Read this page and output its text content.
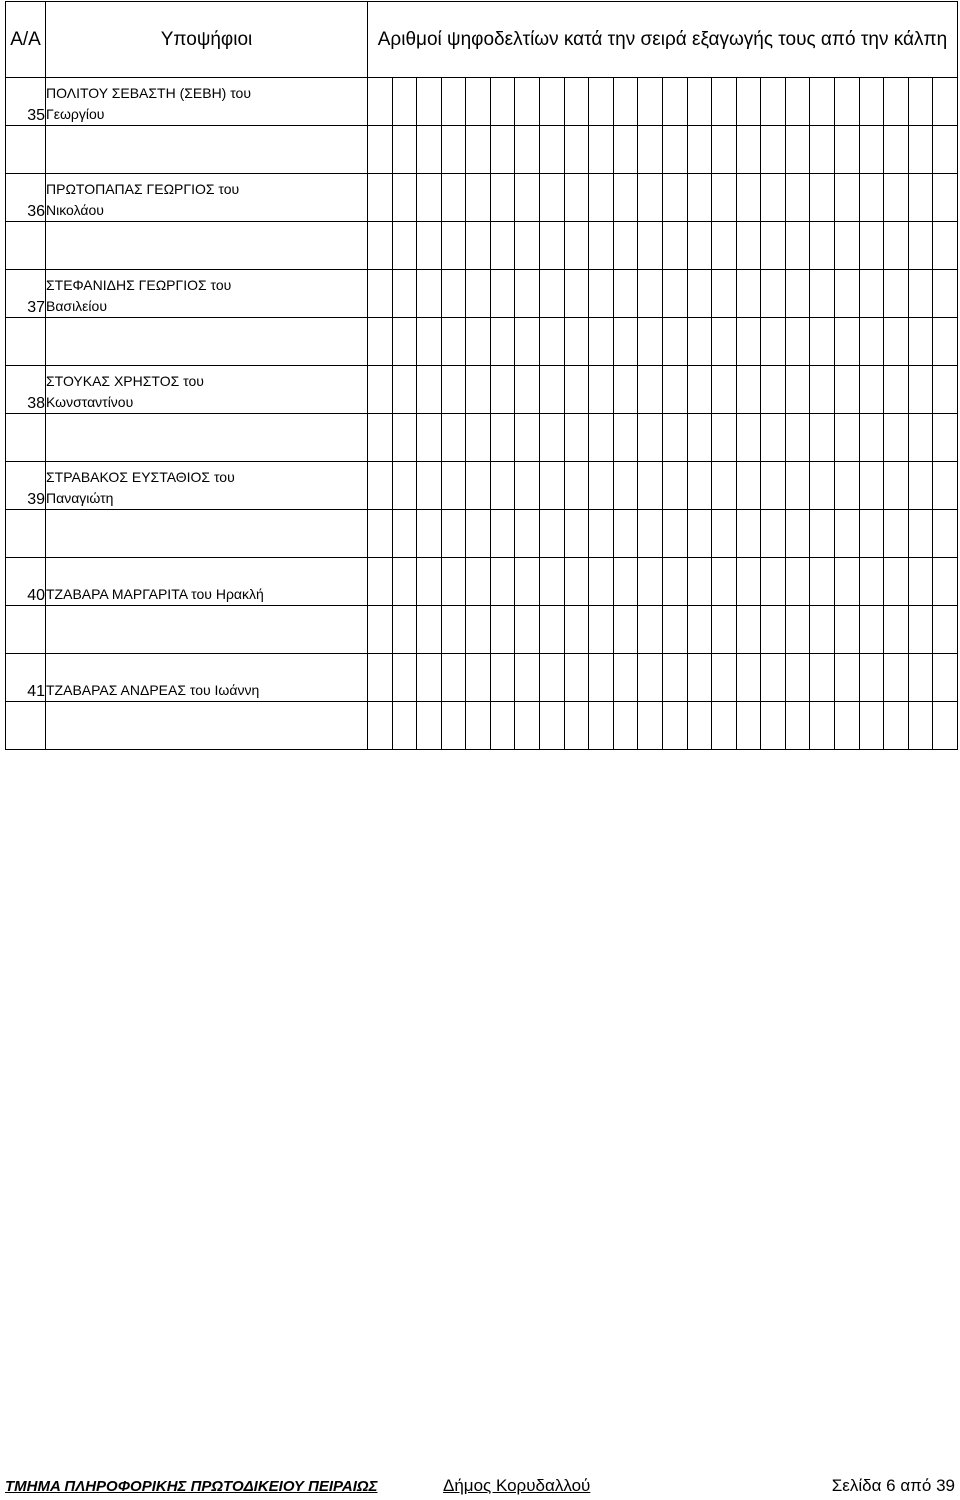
Α/Α	Υποψήφιοι	Αριθμοί ψηφοδελτίων κατά την σειρά εξαγωγής τους από την κάλπη																							
35	ΠΟΛΙΤΟΥ ΣΕΒΑΣΤΗ (ΣΕΒΗ) του
Γεωργίου																								

36	ΠΡΩΤΟΠΑΠΑΣ ΓΕΩΡΓΙΟΣ του
Νικολάου																								

37	ΣΤΕΦΑΝΙΔΗΣ ΓΕΩΡΓΙΟΣ του
Βασιλείου																								

38	ΣΤΟΥΚΑΣ ΧΡΗΣΤΟΣ του
Κωνσταντίνου																								

39	ΣΤΡΑΒΑΚΟΣ ΕΥΣΤΑΘΙΟΣ του
Παναγιώτη																								

40	ΤΖΑΒΑΡΑ ΜΑΡΓΑΡΙΤΑ του Ηρακλή																								

41	ΤΖΑΒΑΡΑΣ ΑΝΔΡΕΑΣ του Ιωάννη																								

ΤΜΗΜΑ ΠΛΗΡΟΦΟΡΙΚΗΣ ΠΡΩΤΟΔΙΚΕΙΟΥ ΠΕΙΡΑΙΩΣ	Δήμος Κορυδαλλού	Σελίδα 6 από 39
